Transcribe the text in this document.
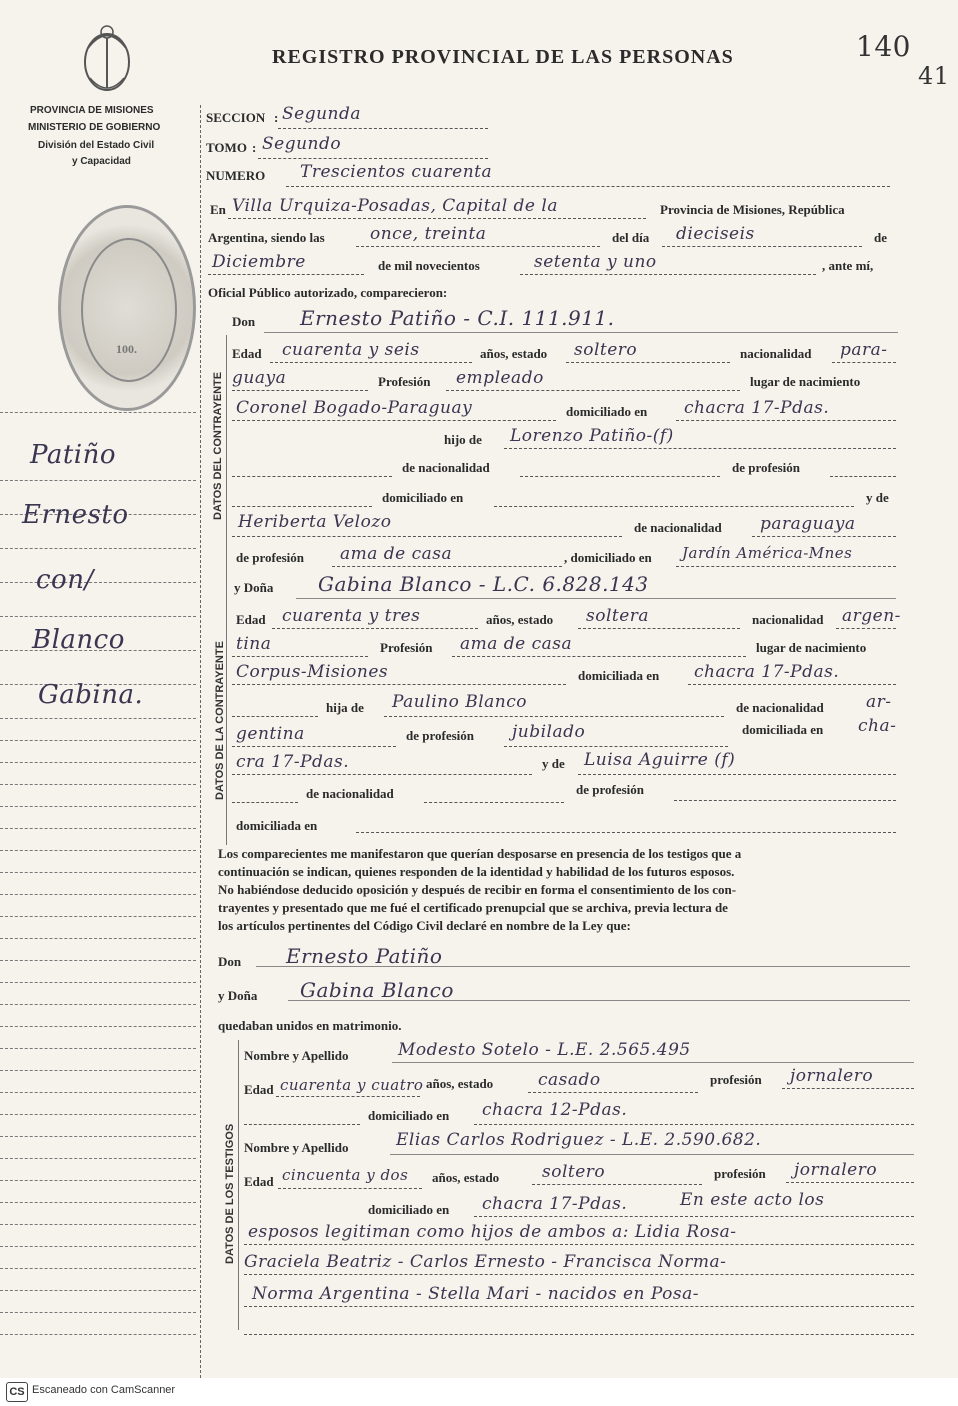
REGISTRO PROVINCIAL DE LAS PERSONAS	140
41
PROVINCIA DE MISIONES
MINISTERIO DE GOBIERNO
División del Estado Civil
y Capacidad
100.
Patiño
Ernesto
con/
Blanco
Gabina.
SECCION : Segunda
TOMO : Segundo
NUMERO Trescientos cuarenta
En Villa Urquiza-Posadas, Capital de la	Provincia de Misiones, República
Argentina, siendo las	once, treinta	del día dieciseis	de
Diciembre	de mil novecientos	setenta y uno	, ante mí,
Oficial Público autorizado, comparecieron:
DATOS DEL CONTRAYENTE
Don Ernesto Patiño - C.I. 111.911.
Edad cuarenta y seis	años, estado soltero	nacionalidad para-
guaya	Profesión empleado	lugar de nacimiento
Coronel Bogado-Paraguay	domiciliado en chacra 17-Pdas.
hijo de Lorenzo Patiño-(f)
de nacionalidad	de profesión
domiciliado en	y de
Heriberta Velozo	de nacionalidad paraguaya
de profesión ama de casa	, domiciliado en Jardín América-Mnes
DATOS DE LA CONTRAYENTE
y Doña Gabina Blanco - L.C. 6.828.143
Edad cuarenta y tres	años, estado soltera	nacionalidad argen-
tina	Profesión ama de casa	lugar de nacimiento
Corpus-Misiones	domiciliada en chacra 17-Pdas.
hija de Paulino Blanco	de nacionalidad ar-
gentina	de profesión jubilado	domiciliada en cha-
cra 17-Pdas.	y de Luisa Aguirre (f)
de nacionalidad	de profesión
domiciliada en
Los comparecientes me manifestaron que querían desposarse en presencia de los testigos que a
continuación se indican, quienes responden de la identidad y habilidad de los futuros esposos.
No habiéndose deducido oposición y después de recibir en forma el consentimiento de los con-
trayentes y presentado que me fué el certificado prenupcial que se archiva, previa lectura de
los artículos pertinentes del Código Civil declaré en nombre de la Ley que:
Don Ernesto Patiño
y Doña Gabina Blanco
quedaban unidos en matrimonio.
DATOS DE LOS TESTIGOS
Nombre y Apellido	Modesto Sotelo - L.E. 2.565.495
Edad cuarenta y cuatro años, estado	casado	profesión jornalero
domiciliado en chacra 12-Pdas.
Nombre y Apellido	Elias Carlos Rodriguez - L.E. 2.590.682.
Edad cincuenta y dos años, estado	soltero	profesión jornalero
domiciliado en chacra 17-Pdas.	En este acto los
esposos legitiman como hijos de ambos a: Lidia Rosa-
Graciela Beatriz - Carlos Ernesto - Francisca Norma-
Norma Argentina - Stella Mari - nacidos en Posa-
CS Escaneado con CamScanner
